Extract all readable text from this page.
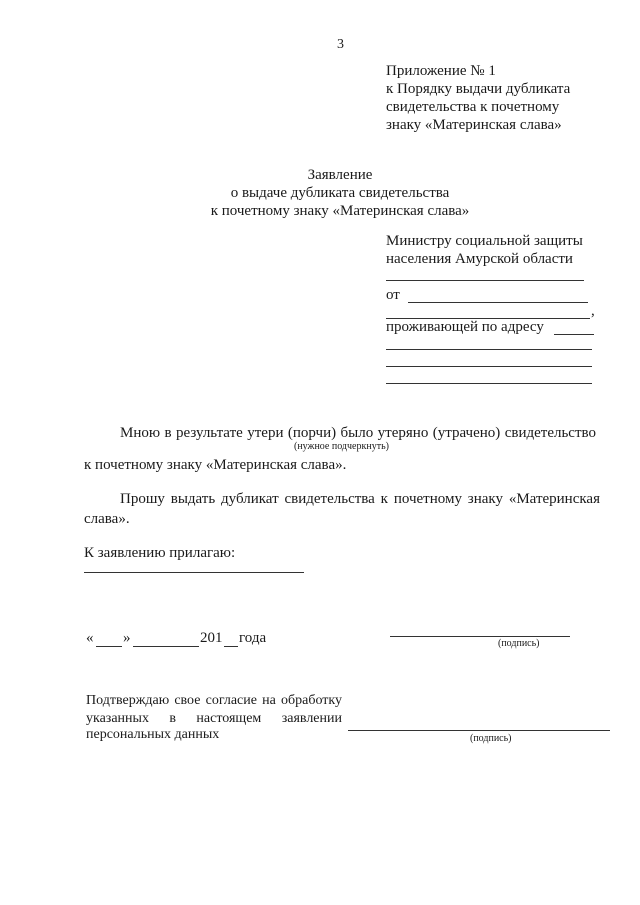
3
Приложение № 1
к Порядку выдачи дубликата
свидетельства к почетному
знаку «Материнская слава»
Заявление
о выдаче дубликата свидетельства
к почетному знаку «Материнская слава»
Министру социальной защиты
населения Амурской области
от
,
проживающей по адресу
Мною в результате утери (порчи) было утеряно (утрачено) свидетельство
(нужное подчеркнуть)
к почетному знаку «Материнская слава».
Прошу выдать дубликат свидетельства к почетному знаку «Материнская
слава».
К заявлению прилагаю:
« »	201 года	(подпись)
Подтверждаю свое согласие на обработку
указанных в настоящем заявлении
персональных данных	(подпись)
